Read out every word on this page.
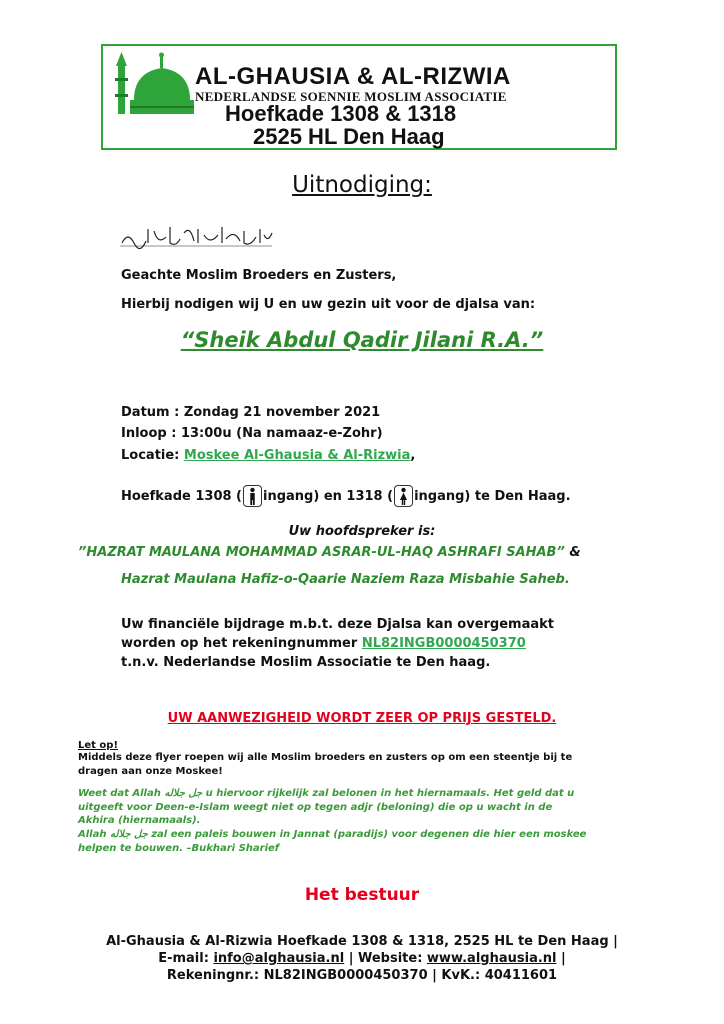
AL-GHAUSIA & AL-RIZWIA
NEDERLANDSE SOENNIE MOSLIM ASSOCIATIE
Hoefkade 1308 & 1318
2525 HL Den Haag
Uitnodiging:
Geachte Moslim Broeders en Zusters,
Hierbij nodigen wij U en uw gezin uit voor de djalsa van:
“Sheik Abdul Qadir Jilani R.A.”
Datum : Zondag 21 november 2021
Inloop : 13:00u (Na namaaz-e-Zohr)
Locatie: Moskee Al-Ghausia & Al-Rizwia,
Hoefkade 1308 ( ingang) en 1318 ( ingang) te Den Haag.
Uw hoofdspreker is:
”HAZRAT MAULANA MOHAMMAD ASRAR-UL-HAQ ASHRAFI SAHAB” &
Hazrat Maulana Hafiz-o-Qaarie Naziem Raza Misbahie Saheb.
Uw financiële bijdrage m.b.t. deze Djalsa kan overgemaakt
worden op het rekeningnummer NL82INGB0000450370
t.n.v. Nederlandse Moslim Associatie te Den haag.
UW AANWEZIGHEID WORDT ZEER OP PRIJS GESTELD.
Let op!
Middels deze flyer roepen wij alle Moslim broeders en zusters op om een steentje bij te
dragen aan onze Moskee!
Weet dat Allah جل جلاله u hiervoor rijkelijk zal belonen in het hiernamaals. Het geld dat u
uitgeeft voor Deen-e-Islam weegt niet op tegen adjr (beloning) die op u wacht in de
Akhira (hiernamaals).
Allah جل جلاله zal een paleis bouwen in Jannat (paradijs) voor degenen die hier een moskee
helpen te bouwen. –Bukhari Sharief
Het bestuur
Al-Ghausia & Al-Rizwia Hoefkade 1308 & 1318, 2525 HL te Den Haag |
E-mail: info@alghausia.nl | Website: www.alghausia.nl |
Rekeningnr.: NL82INGB0000450370 | KvK.: 40411601
